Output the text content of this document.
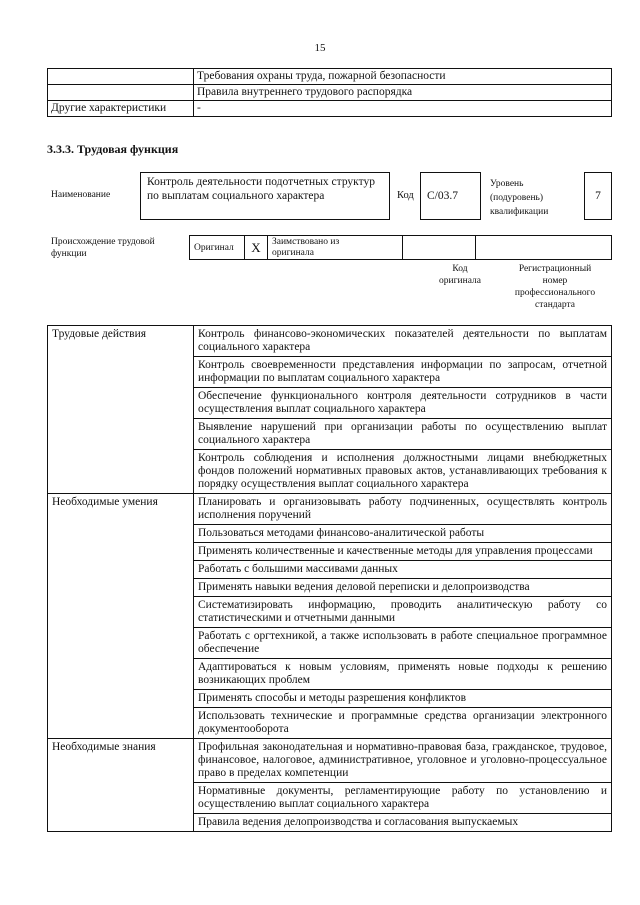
15
	Требования охраны труда, пожарной безопасности
	Правила внутреннего трудового распорядка
Другие характеристики	-
3.3.3. Трудовая функция
Наименование
Контроль деятельности подотчетных структур по выплатам социального характера	Код	C/03.7
Уровень
(подуровень)
квалификации
7
Происхождение трудовой
функции
Оригинал	X	Заимствовано из
оригинала

Код
оригинала
Регистрационный
номер
профессионального
стандарта
Трудовые действия	Контроль финансово-экономических показателей деятельности по выплатам социального характера
	Контроль своевременности представления информации по запросам, отчетной информации по выплатам социального характера
	Обеспечение функционального контроля деятельности сотрудников в части осуществления выплат социального характера
	Выявление нарушений при организации работы по осуществлению выплат социального характера
	Контроль соблюдения и исполнения должностными лицами внебюджетных фондов положений нормативных правовых актов, устанавливающих требования к порядку осуществления выплат социального характера
Необходимые умения	Планировать и организовывать работу подчиненных, осуществлять контроль исполнения поручений
	Пользоваться методами финансово-аналитической работы
	Применять количественные и качественные методы для управления процессами
	Работать с большими массивами данных
	Применять навыки ведения деловой переписки и делопроизводства
	Систематизировать информацию, проводить аналитическую работу со статистическими и отчетными данными
	Работать с оргтехникой, а также использовать в работе специальное программное обеспечение
	Адаптироваться к новым условиям, применять новые подходы к решению возникающих проблем
	Применять способы и методы разрешения конфликтов
	Использовать технические и программные средства организации электронного документооборота
Необходимые знания	Профильная законодательная и нормативно-правовая база, гражданское, трудовое, финансовое, налоговое, административное, уголовное и уголовно-процессуальное право в пределах компетенции
	Нормативные документы, регламентирующие работу по установлению и осуществлению выплат социального характера
	Правила ведения делопроизводства и согласования выпускаемых
